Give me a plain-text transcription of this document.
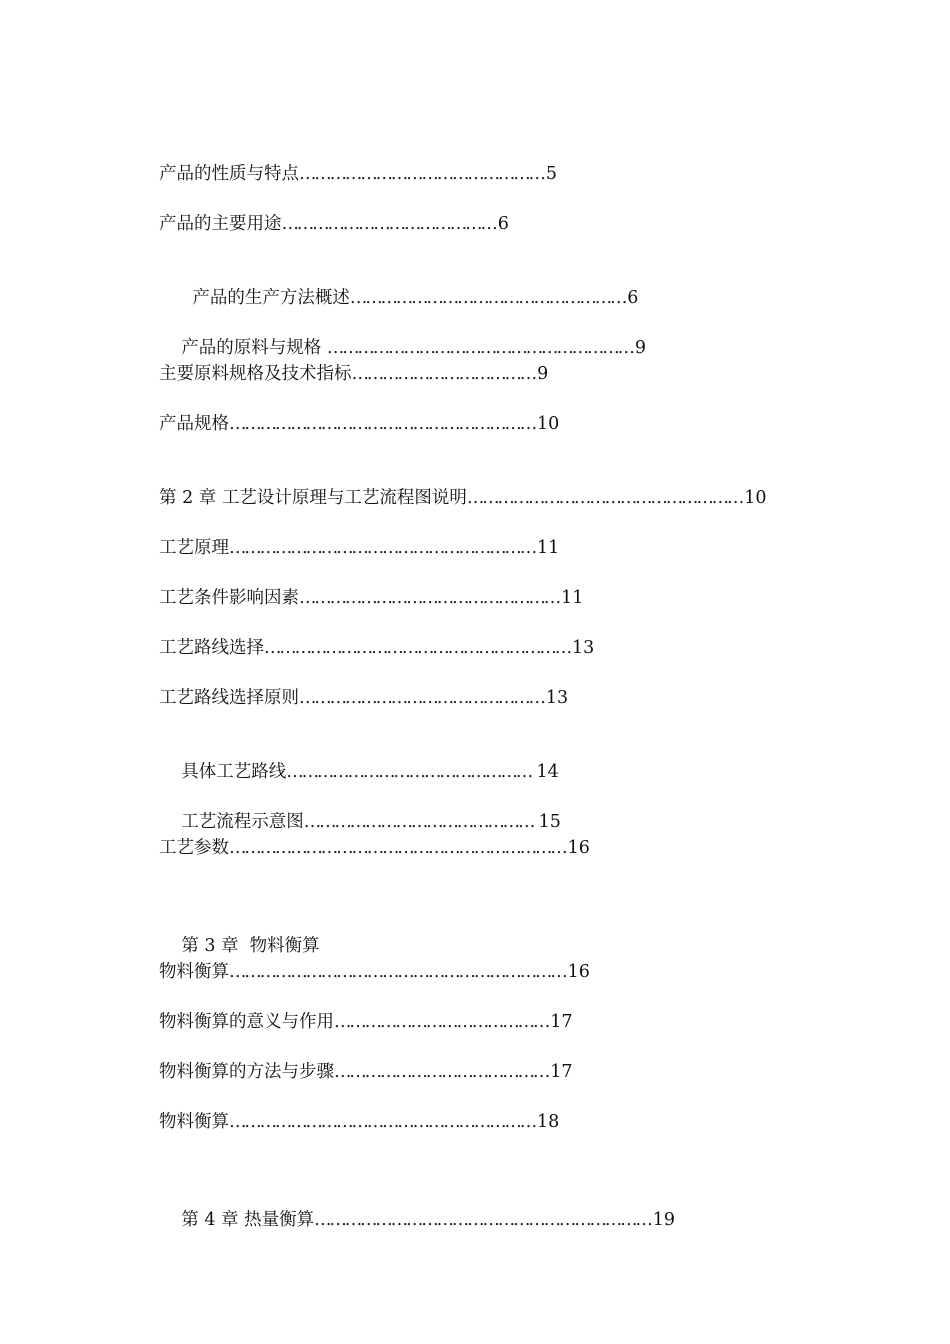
产品的性质与特点………………………………………… 5
产品的主要用途…………………………………… 6

产品的生产方法概述……………………………………………… 6

产品的原料与规格 …………………………………………………… 9

主要原料规格及技术指标……………………………… 9
产品规格…………………………………………………… 10
第 2 章 工艺设计原理与工艺流程图说明……………………………………………… 10
工艺原理…………………………………………………… 11
工艺条件影响因素…………………………………………… 11
工艺路线选择…………………………………………………… 13
工艺路线选择原则………………………………………… 13

具体工艺路线………………………………………… 14

工艺流程示意图……………………………………… 15

工艺参数………………………………………………………… 16

第 3 章  物料衡算

物料衡算………………………………………………………… 16
物料衡算的意义与作用…………………………………… 17
物料衡算的方法与步骤…………………………………… 17
物料衡算…………………………………………………… 18

第 4 章 热量衡算………………………………………………………… 19
